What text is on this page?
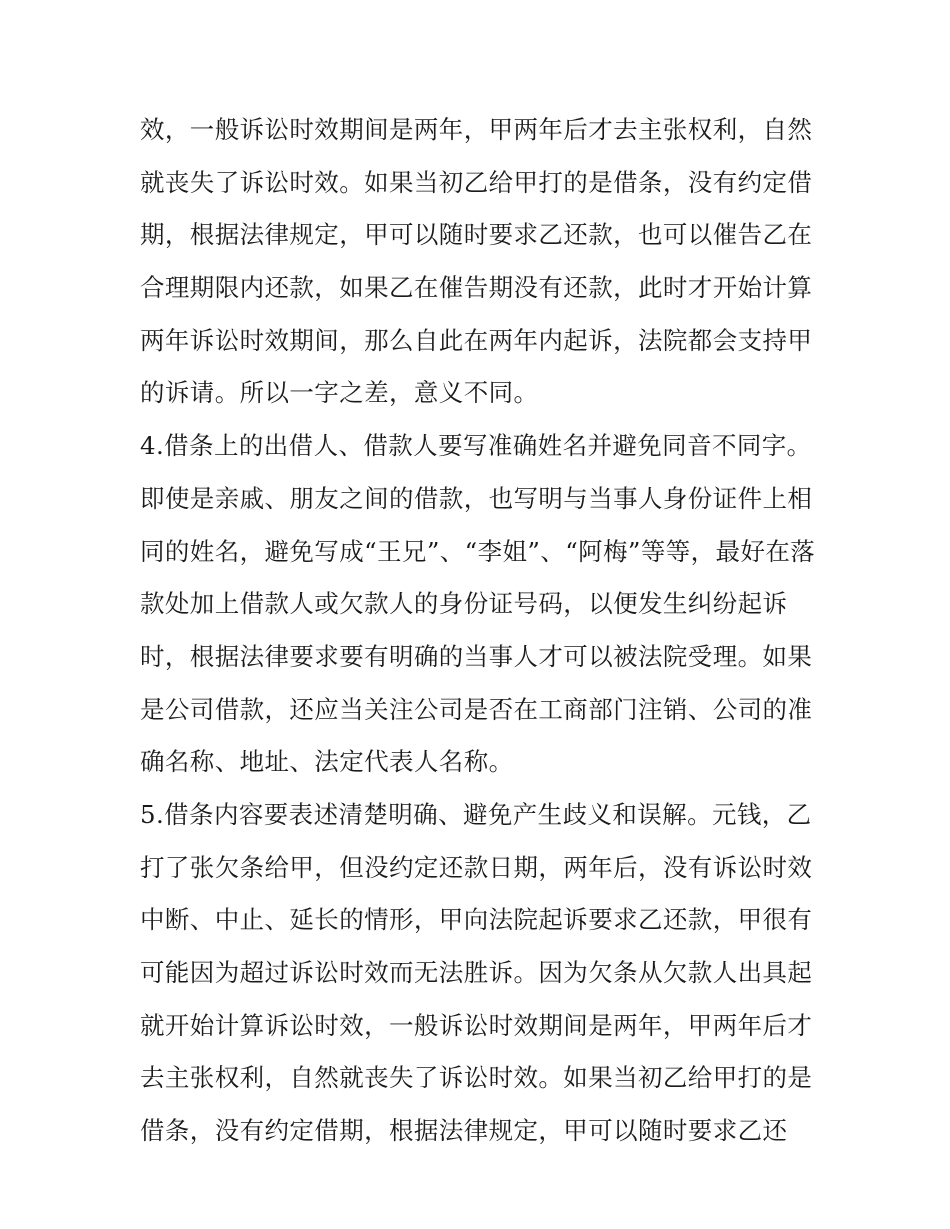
效，一般诉讼时效期间是两年，甲两年后才去主张权利，自然
就丧失了诉讼时效。如果当初乙给甲打的是借条，没有约定借
期，根据法律规定，甲可以随时要求乙还款，也可以催告乙在
合理期限内还款，如果乙在催告期没有还款，此时才开始计算
两年诉讼时效期间，那么自此在两年内起诉，法院都会支持甲
的诉请。所以一字之差，意义不同。
4.借条上的出借人、借款人要写准确姓名并避免同音不同字。
即使是亲戚、朋友之间的借款，也写明与当事人身份证件上相
同的姓名，避免写成“王兄”、“李姐”、“阿梅”等等，最好在落
款处加上借款人或欠款人的身份证号码，以便发生纠纷起诉
时，根据法律要求要有明确的当事人才可以被法院受理。如果
是公司借款，还应当关注公司是否在工商部门注销、公司的准
确名称、地址、法定代表人名称。
5.借条内容要表述清楚明确、避免产生歧义和误解。元钱，乙
打了张欠条给甲，但没约定还款日期，两年后，没有诉讼时效
中断、中止、延长的情形，甲向法院起诉要求乙还款，甲很有
可能因为超过诉讼时效而无法胜诉。因为欠条从欠款人出具起
就开始计算诉讼时效，一般诉讼时效期间是两年，甲两年后才
去主张权利，自然就丧失了诉讼时效。如果当初乙给甲打的是
借条，没有约定借期，根据法律规定，甲可以随时要求乙还
